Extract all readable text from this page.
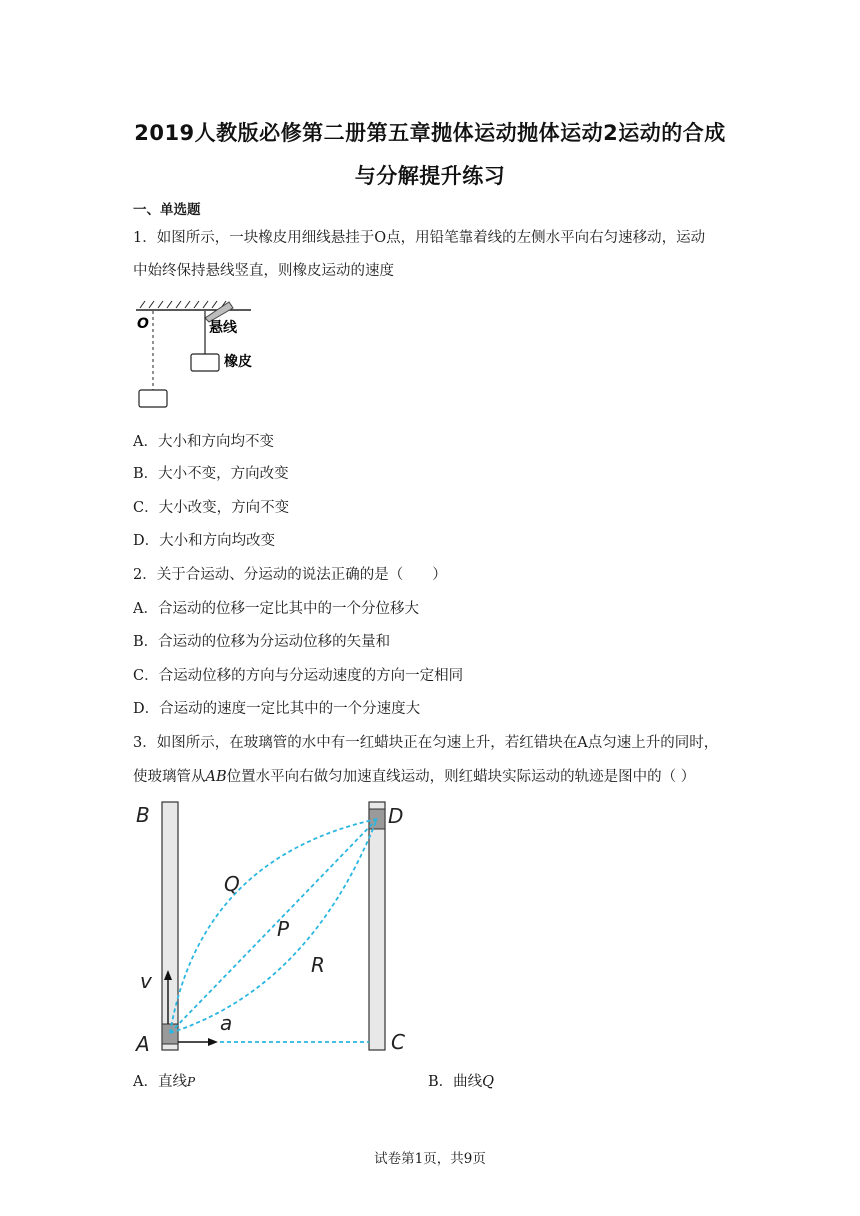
2019人教版必修第二册第五章抛体运动抛体运动2运动的合成
与分解提升练习
一、单选题
1．如图所示，一块橡皮用细线悬挂于O点，用铅笔靠着线的左侧水平向右匀速移动，运动
中始终保持悬线竖直，则橡皮运动的速度
O	悬线
橡皮
A．大小和方向均不变
B．大小不变，方向改变
C．大小改变，方向不变
D．大小和方向均改变
2．关于合运动、分运动的说法正确的是（　　）
A．合运动的位移一定比其中的一个分位移大
B．合运动的位移为分运动位移的矢量和
C．合运动位移的方向与分运动速度的方向一定相同
D．合运动的速度一定比其中的一个分速度大
3．如图所示，在玻璃管的水中有一红蜡块正在匀速上升，若红错块在A点匀速上升的同时，
使玻璃管从AB位置水平向右做匀加速直线运动，则红蜡块实际运动的轨迹是图中的（ ）
B	D
Q
P
R
v
a
A	C
A．直线P	B．曲线Q
试卷第1页，共9页
